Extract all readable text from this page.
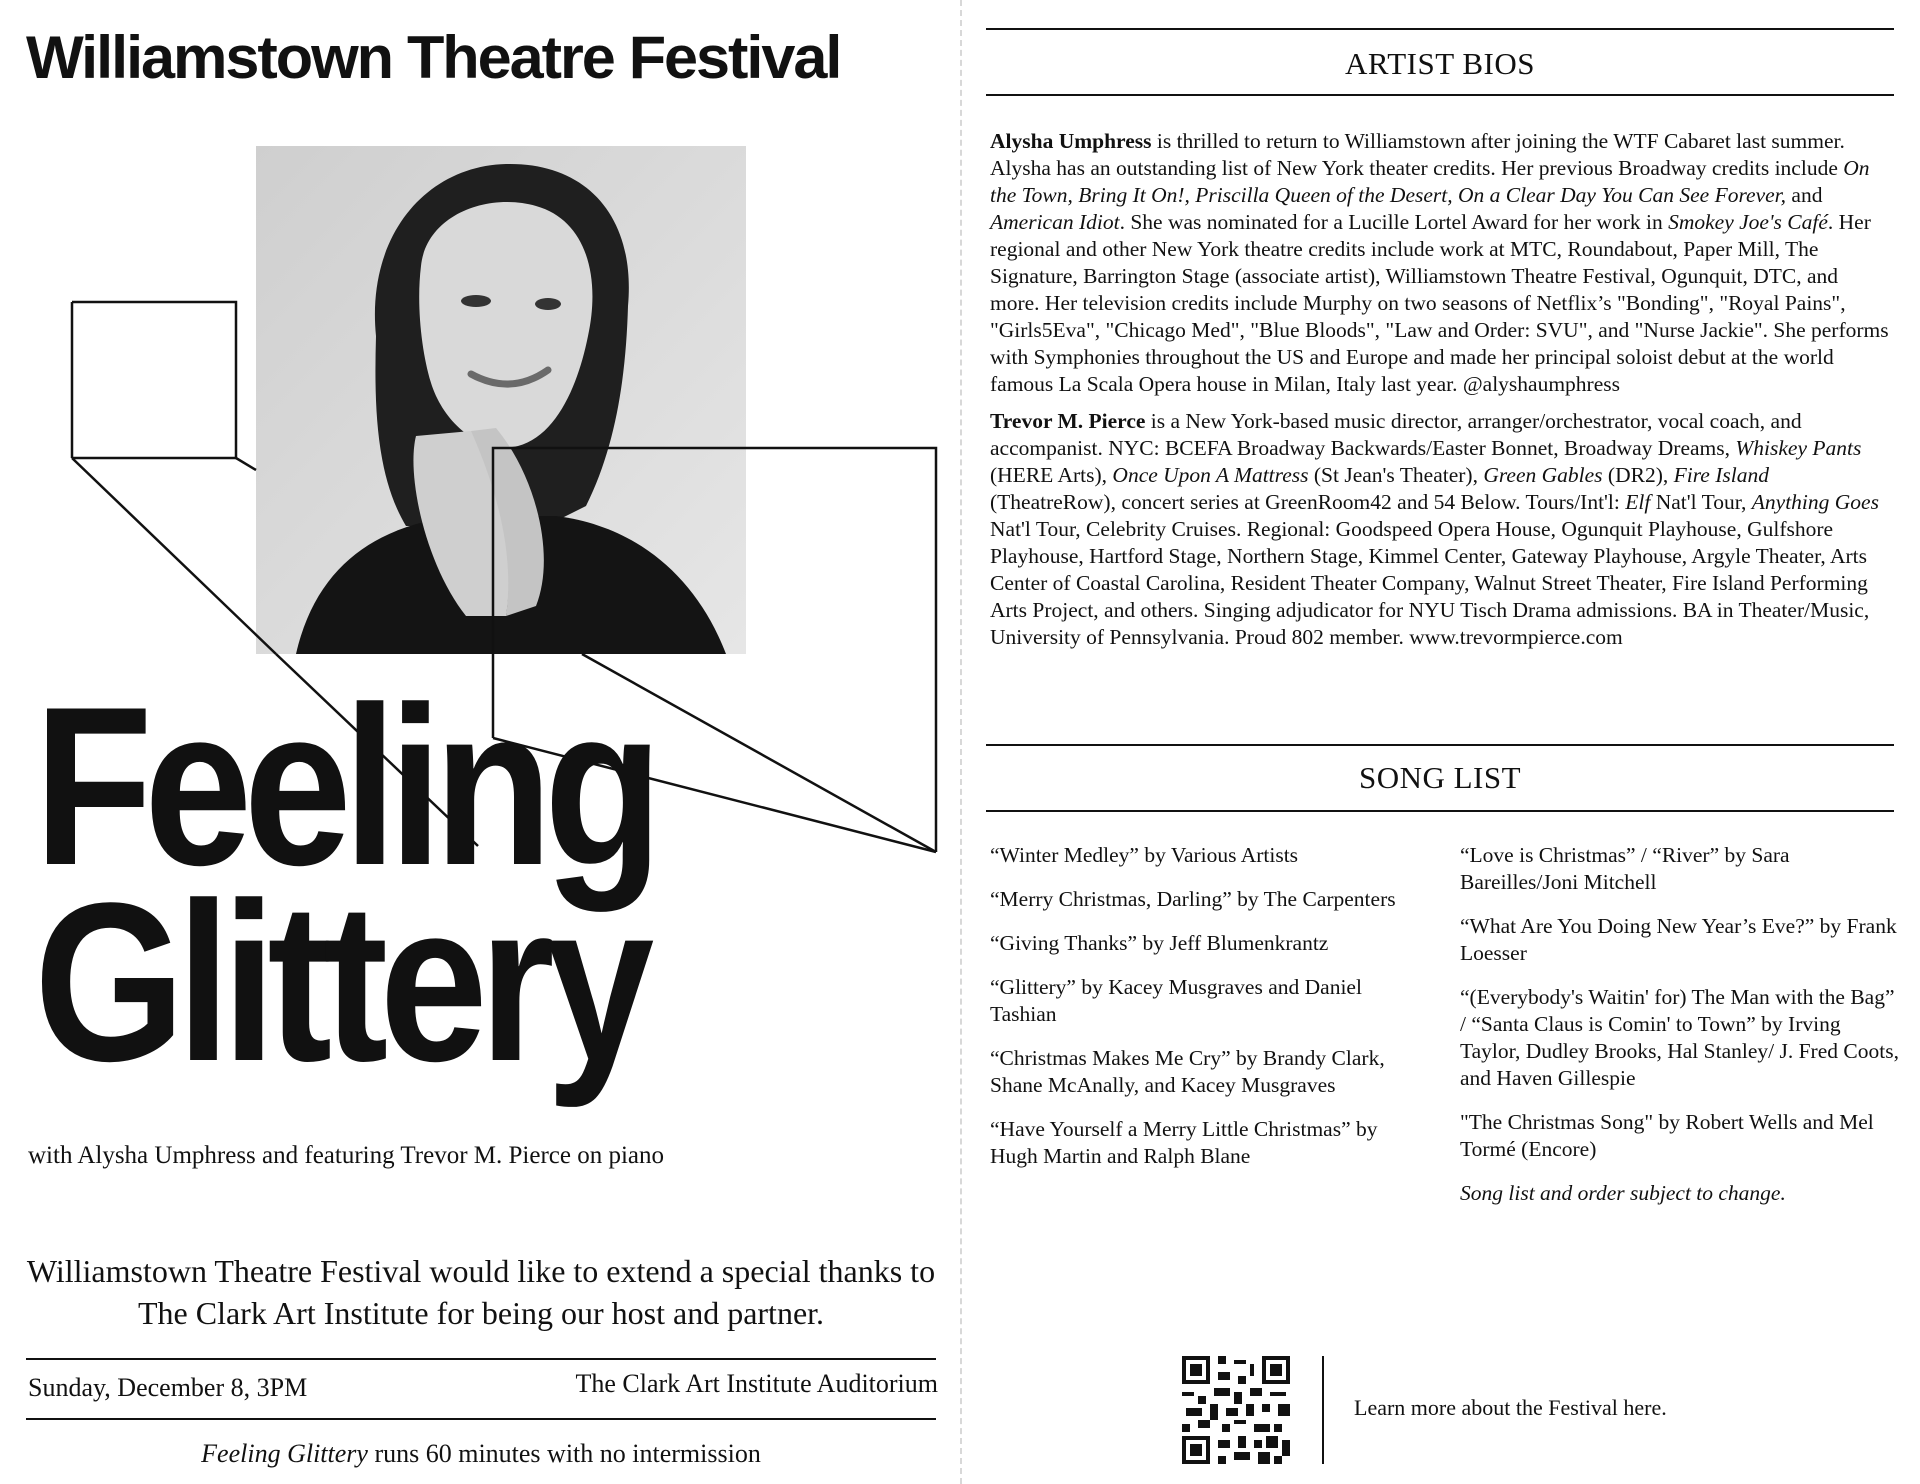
Williamstown Theatre Festival
Feeling
Glittery
with Alysha Umphress and featuring Trevor M. Pierce on piano
Williamstown Theatre Festival would like to extend a special thanks to The Clark Art Institute for being our host and partner.
Sunday, December 8, 3PM	The Clark Art Institute Auditorium
Feeling Glittery runs 60 minutes with no intermission
ARTIST BIOS

Alysha Umphress is thrilled to return to Williamstown after joining the WTF Cabaret last summer. Alysha has an outstanding list of New York theater credits. Her previous Broadway credits include On the Town, Bring It On!, Priscilla Queen of the Desert, On a Clear Day You Can See Forever, and American Idiot. She was nominated for a Lucille Lortel Award for her work in Smokey Joe's Café. Her regional and other New York theatre credits include work at MTC, Roundabout, Paper Mill, The Signature, Barrington Stage (associate artist), Williamstown Theatre Festival, Ogunquit, DTC, and more. Her television credits include Murphy on two seasons of Netflix’s "Bonding", "Royal Pains", "Girls5Eva", "Chicago Med", "Blue Bloods", "Law and Order: SVU", and "Nurse Jackie". She performs with Symphonies throughout the US and Europe and made her principal soloist debut at the world famous La Scala Opera house in Milan, Italy last year. @alyshaumphress

Trevor M. Pierce is a New York-based music director, arranger/orchestrator, vocal coach, and accompanist. NYC: BCEFA Broadway Backwards/Easter Bonnet, Broadway Dreams, Whiskey Pants (HERE Arts), Once Upon A Mattress (St Jean's Theater), Green Gables (DR2), Fire Island (TheatreRow), concert series at GreenRoom42 and 54 Below. Tours/Int'l: Elf Nat'l Tour, Anything Goes Nat'l Tour, Celebrity Cruises. Regional: Goodspeed Opera House, Ogunquit Playhouse, Gulfshore Playhouse, Hartford Stage, Northern Stage, Kimmel Center, Gateway Playhouse, Argyle Theater, Arts Center of Coastal Carolina, Resident Theater Company, Walnut Street Theater, Fire Island Performing Arts Project, and others. Singing adjudicator for NYU Tisch Drama admissions. BA in Theater/Music, University of Pennsylvania. Proud 802 member. www.trevormpierce.com

SONG LIST
“Winter Medley” by Various Artists
“Merry Christmas, Darling” by The Carpenters
“Giving Thanks” by Jeff Blumenkrantz
“Glittery” by Kacey Musgraves and Daniel Tashian
“Christmas Makes Me Cry” by Brandy Clark, Shane McAnally, and Kacey Musgraves
“Have Yourself a Merry Little Christmas” by Hugh Martin and Ralph Blane
“Love is Christmas” / “River” by Sara Bareilles/Joni Mitchell
“What Are You Doing New Year’s Eve?” by Frank Loesser
“(Everybody's Waitin' for) The Man with the Bag” / “Santa Claus is Comin' to Town” by Irving Taylor, Dudley Brooks, Hal Stanley/ J. Fred Coots, and Haven Gillespie
"The Christmas Song" by Robert Wells and Mel Tormé (Encore)
Song list and order subject to change.
Learn more about the Festival here.
